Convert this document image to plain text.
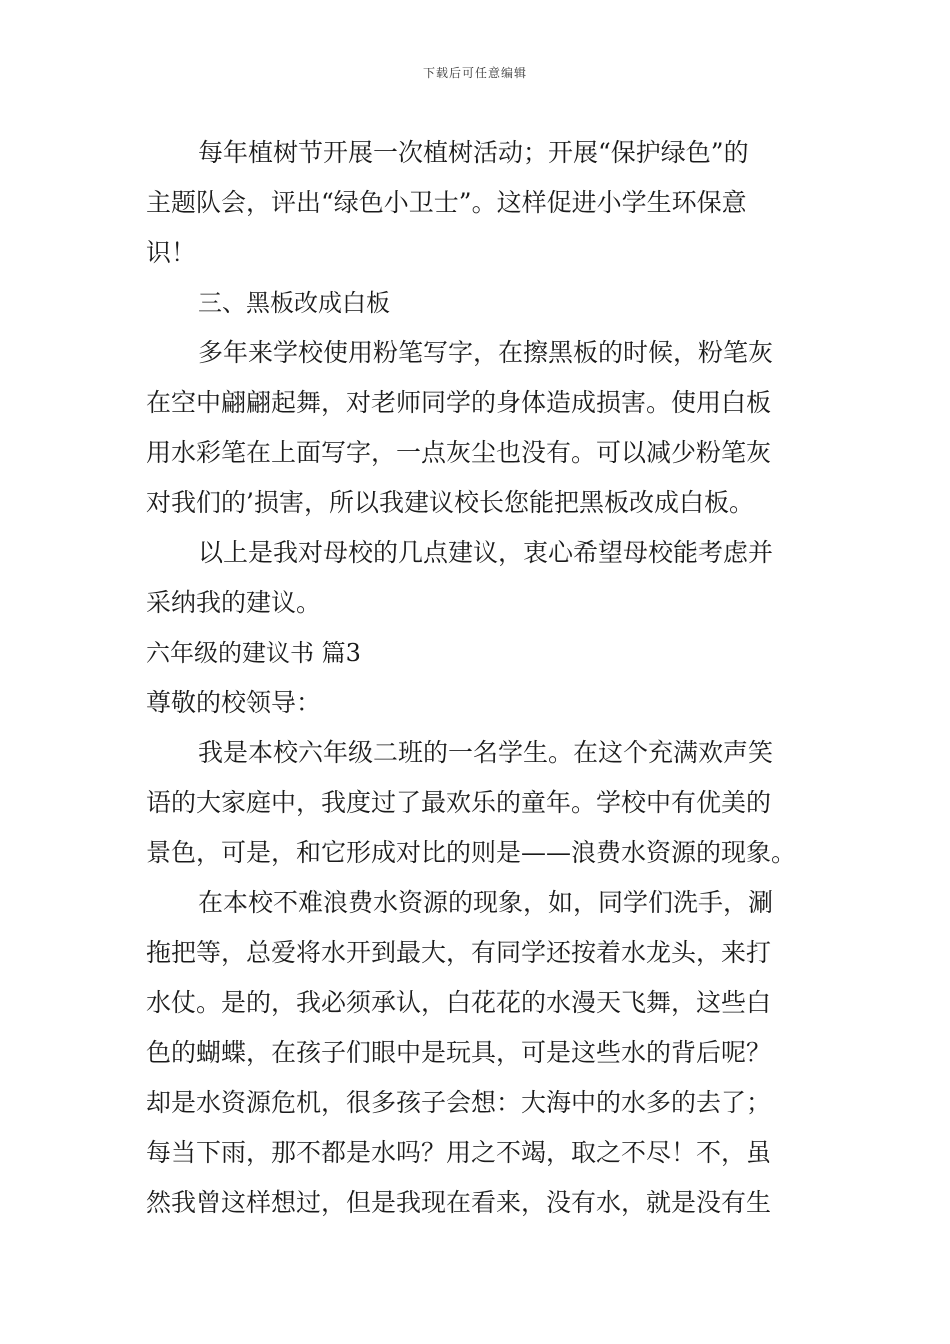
下载后可任意编辑
每年植树节开展一次植树活动；开展“保护绿色”的
主题队会，评出“绿色小卫士”。这样促进小学生环保意
识！
三、黑板改成白板
多年来学校使用粉笔写字，在擦黑板的时候，粉笔灰
在空中翩翩起舞，对老师同学的身体造成损害。使用白板
用水彩笔在上面写字，一点灰尘也没有。可以减少粉笔灰
对我们的’损害，所以我建议校长您能把黑板改成白板。
以上是我对母校的几点建议，衷心希望母校能考虑并
采纳我的建议。
六年级的建议书 篇3
尊敬的校领导：
我是本校六年级二班的一名学生。在这个充满欢声笑
语的大家庭中，我度过了最欢乐的童年。学校中有优美的
景色，可是，和它形成对比的则是——浪费水资源的现象。
在本校不难浪费水资源的现象，如，同学们洗手，涮
拖把等，总爱将水开到最大，有同学还按着水龙头，来打
水仗。是的，我必须承认，白花花的水漫天飞舞，这些白
色的蝴蝶，在孩子们眼中是玩具，可是这些水的背后呢？
却是水资源危机，很多孩子会想：大海中的水多的去了；
每当下雨，那不都是水吗？用之不竭，取之不尽！不，虽
然我曾这样想过，但是我现在看来，没有水，就是没有生
